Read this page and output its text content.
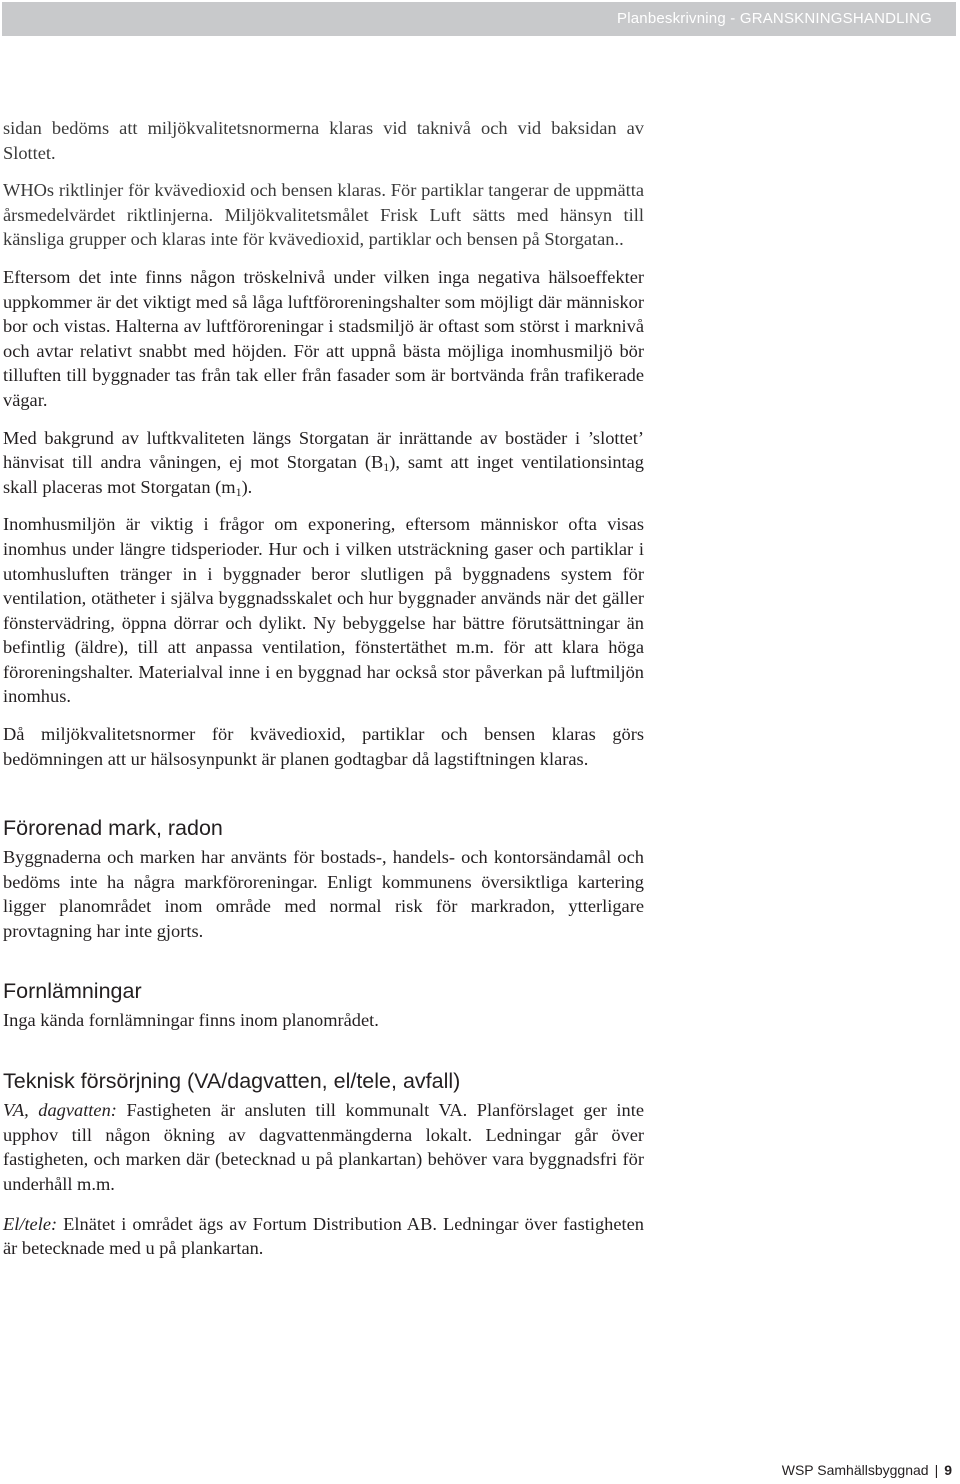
Planbeskrivning - GRANSKNINGSHANDLING

sidan bedöms att miljökvalitetsnormerna klaras vid taknivå och vid baksidan av Slottet.

WHOs riktlinjer för kvävedioxid och bensen klaras. För partiklar tangerar de uppmätta årsmedelvärdet riktlinjerna. Miljökvalitetsmålet Frisk Luft sätts med hänsyn till känsliga grupper och klaras inte för kvävedioxid, partiklar och bensen på Storgatan..

Eftersom det inte finns någon tröskelnivå under vilken inga negativa hälsoeffekter uppkommer är det viktigt med så låga luftföroreningshalter som möjligt där människor bor och vistas. Halterna av luftföroreningar i stadsmiljö är oftast som störst i marknivå och avtar relativt snabbt med höjden. För att uppnå bästa möjliga inomhusmiljö bör tilluften till byggnader tas från tak eller från fasader som är bortvända från trafikerade vägar.

Med bakgrund av luftkvaliteten längs Storgatan är inrättande av bostäder i ’slottet’ hänvisat till andra våningen, ej mot Storgatan $(B_1)$, samt att inget ventilationsintag skall placeras mot Storgatan $(m_1)$.

Inomhusmiljön är viktig i frågor om exponering, eftersom människor ofta visas inomhus under längre tidsperioder. Hur och i vilken utsträckning gaser och partiklar i utomhusluften tränger in i byggnader beror slutligen på byggnadens system för ventilation, otätheter i själva byggnadsskalet och hur byggnader används när det gäller fönstervädring, öppna dörrar och dylikt. Ny bebyggelse har bättre förutsättningar än befintlig (äldre), till att anpassa ventilation, fönstertäthet m.m. för att klara höga föroreningshalter. Materialval inne i en byggnad har också stor påverkan på luftmiljön inomhus.

Då miljökvalitetsnormer för kvävedioxid, partiklar och bensen klaras görs bedömningen att ur hälsosynpunkt är planen godtagbar då lagstiftningen klaras.

Förorenad mark, radon

Byggnaderna och marken har använts för bostads-, handels- och kontorsändamål och bedöms inte ha några markföroreningar. Enligt kommunens översiktliga kartering ligger planområdet inom område med normal risk för markradon, ytterligare provtagning har inte gjorts.

Fornlämningar

Inga kända fornlämningar finns inom planområdet.

Teknisk försörjning (VA/dagvatten, el/tele, avfall)

VA, dagvatten: Fastigheten är ansluten till kommunalt VA. Planförslaget ger inte upphov till någon ökning av dagvattenmängderna lokalt. Ledningar går över fastigheten, och marken där (betecknad u på plankartan) behöver vara byggnadsfri för underhåll m.m.

El/tele: Elnätet i området ägs av Fortum Distribution AB. Ledningar över fastigheten är betecknade med u på plankartan.

WSP Samhällsbyggnad | 9
